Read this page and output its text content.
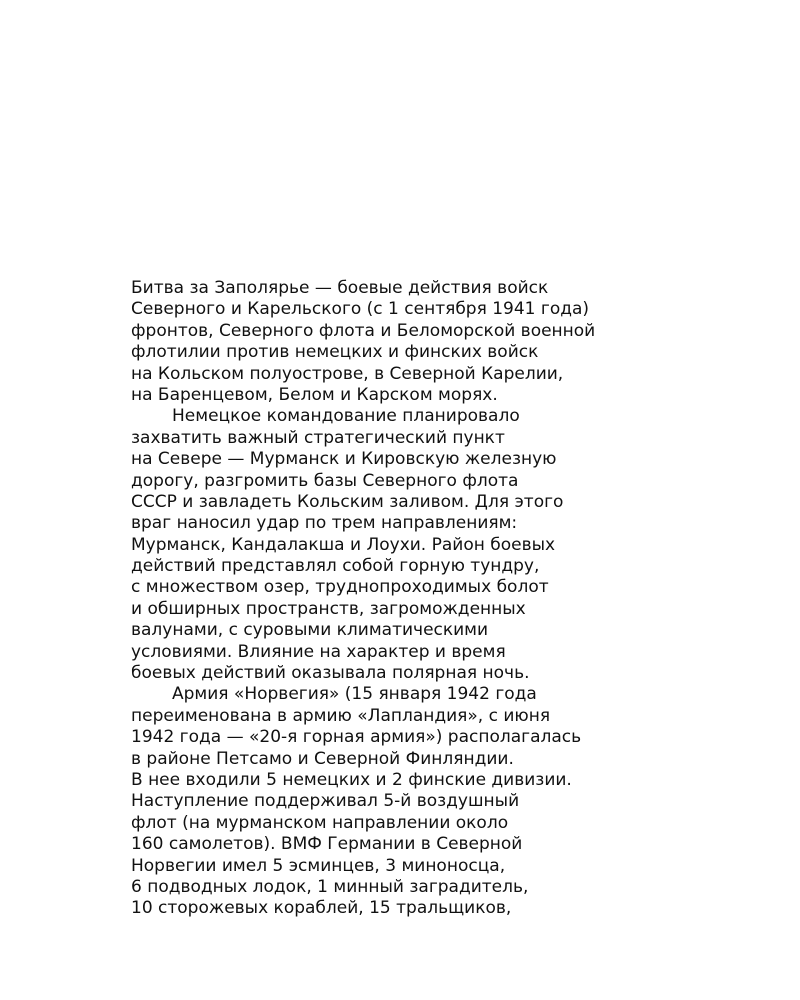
Битва за Заполярье — боевые действия войск
Северного и Карельского (с 1 сентября 1941 года)
фронтов, Северного флота и Беломорской военной
флотилии против немецких и финских войск
на Кольском полуострове, в Северной Карелии,
на Баренцевом, Белом и Карском морях.
Немецкое командование планировало
захватить важный стратегический пункт
на Севере — Мурманск и Кировскую железную
дорогу, разгромить базы Северного флота
СССР и завладеть Кольским заливом. Для этого
враг наносил удар по трем направлениям:
Мурманск, Кандалакша и Лоухи. Район боевых
действий представлял собой горную тундру,
с множеством озер, труднопроходимых болот
и обширных пространств, загроможденных
валунами, с суровыми климатическими
условиями. Влияние на характер и время
боевых действий оказывала полярная ночь.
Армия «Норвегия» (15 января 1942 года
переименована в армию «Лапландия», с июня
1942 года — «20-я горная армия») располагалась
в районе Петсамо и Северной Финляндии.
В нее входили 5 немецких и 2 финские дивизии.
Наступление поддерживал 5-й воздушный
флот (на мурманском направлении около
160 самолетов). ВМФ Германии в Северной
Норвегии имел 5 эсминцев, 3 миноносца,
6 подводных лодок, 1 минный заградитель,
10 сторожевых кораблей, 15 тральщиков,
